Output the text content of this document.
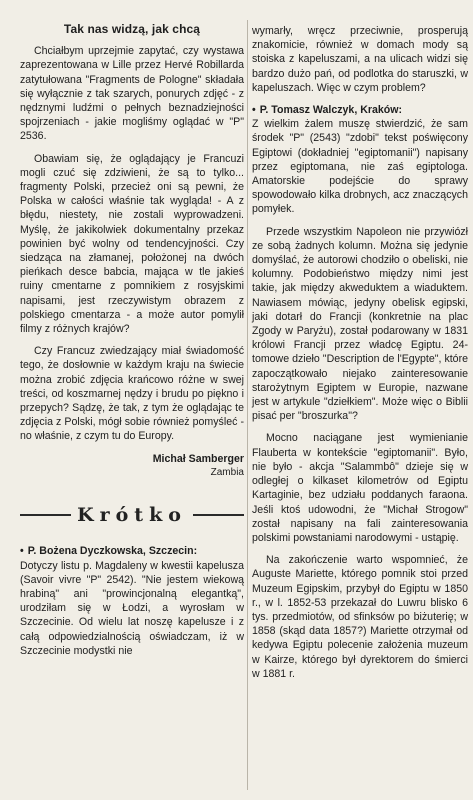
Tak nas widzą, jak chcą

Chciałbym uprzejmie zapytać, czy wystawa zaprezentowana w Lille przez Hervé Robillarda zatytułowana "Fragments de Pologne" składała się wyłącznie z tak szarych, ponurych zdjęć - z nędznymi ludźmi o pełnych beznadziejności spojrzeniach - jakie mogliśmy oglądać w "P" 2536.

Obawiam się, że oglądający je Francuzi mogli czuć się zdziwieni, że są to tylko... fragmenty Polski, przecież oni są pewni, że Polska w całości właśnie tak wygląda! - A z błędu, niestety, nie zostali wyprowadzeni. Myślę, że jakikolwiek dokumentalny przekaz powinien być wolny od tendencyjności. Czy siedząca na złamanej, położonej na dwóch pieńkach desce babcia, mająca w tle jakieś ruiny cmentarne z pomnikiem z rosyjskimi napisami, jest rzeczywistym obrazem z polskiego cmentarza - a może autor pomylił filmy z różnych krajów?

Czy Francuz zwiedzający miał świadomość tego, że dosłownie w każdym kraju na świecie można zrobić zdjęcia krańcowo różne w swej treści, od koszmarnej nędzy i brudu po piękno i przepych? Sądzę, że tak, z tym że oglądając te zdjęcia z Polski, mógł sobie również pomyśleć - no właśnie, z czym tu do Europy.

Michał Samberger
Zambia
Krótko

• P. Bożena Dyczkowska, Szczecin:

Dotyczy listu p. Magdaleny w kwestii kapelusza (Savoir vivre "P" 2542). "Nie jestem wiekową hrabiną" ani "prowincjonalną elegantką", urodziłam się w Łodzi, a wyrosłam w Szczecinie. Od wielu lat noszę kapelusze i z całą odpowiedzialnością oświadczam, iż w Szczecinie modystki nie

wymarły, wręcz przeciwnie, prosperują znakomicie, również w domach mody są stoiska z kapeluszami, a na ulicach widzi się bardzo dużo pań, od podlotka do staruszki, w kapeluszach. Więc w czym problem?

• P. Tomasz Walczyk, Kraków:

Z wielkim żalem muszę stwierdzić, że sam środek "P" (2543) "zdobi" tekst poświęcony Egiptowi (dokładniej "egiptomanii") napisany przez egiptomana, nie zaś egiptologa. Amatorskie podejście do sprawy spowodowało kilka drobnych, acz znaczących pomyłek.

Przede wszystkim Napoleon nie przywiózł ze sobą żadnych kolumn. Można się jedynie domyślać, że autorowi chodziło o obeliski, nie kolumny. Podobieństwo między nimi jest takie, jak między akweduktem a wiaduktem. Nawiasem mówiąc, jedyny obelisk egipski, jaki dotarł do Francji (konkretnie na plac Zgody w Paryżu), został podarowany w 1831 królowi Francji przez władcę Egiptu. 24-tomowe dzieło "Description de l'Egypte", które zapoczątkowało niejako zainteresowanie starożytnym Egiptem w Europie, nazwane jest w artykule "dziełkiem". Może więc o Biblii pisać per "broszurka"?

Mocno naciągane jest wymienianie Flauberta w kontekście "egiptomanii". Było, nie było - akcja "Salammbô" dzieje się w odległej o kilkaset kilometrów od Egiptu Kartaginie, bez udziału poddanych faraona. Jeśli ktoś udowodni, że "Michał Strogow" został napisany na fali zainteresowania polskimi powstaniami narodowymi - ustąpię.

Na zakończenie warto wspomnieć, że Auguste Mariette, którego pomnik stoi przed Muzeum Egipskim, przybył do Egiptu w 1850 r., w l. 1852-53 przekazał do Luwru blisko 6 tys. przedmiotów, od sfinksów po biżuterię; w 1858 (skąd data 1857?) Mariette otrzymał od kedywa Egiptu polecenie założenia muzeum w Kairze, którego był dyrektorem do śmierci w 1881 r.
